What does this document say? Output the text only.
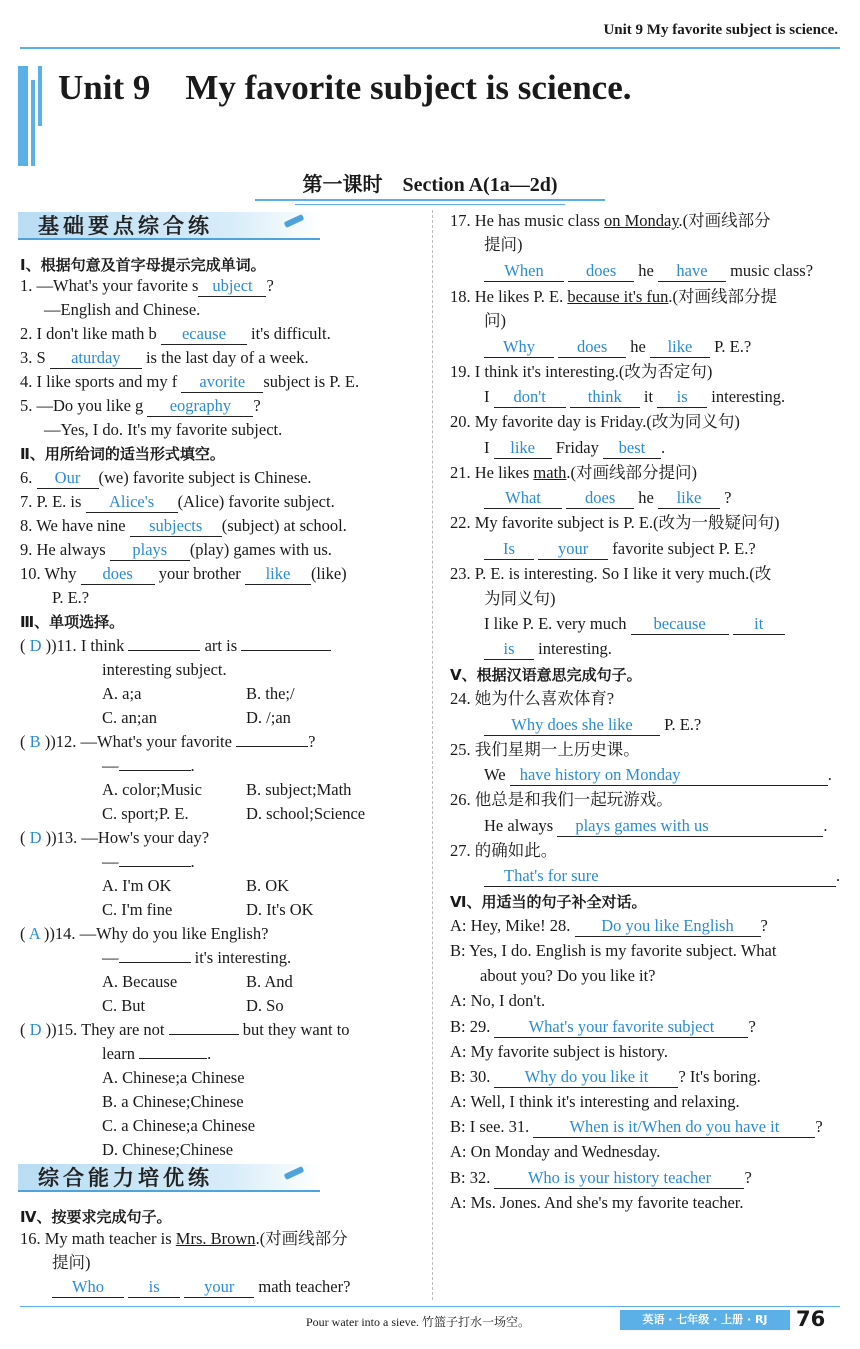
Unit 9 My favorite subject is science.
Unit 9    My favorite subject is science.
第一课时    Section A(1a—2d)
基础要点综合练
Ⅰ、根据句意及首字母提示完成单词。
1. —What's your favorite s ubject ?
—English and Chinese.
2. I don't like math b ecause it's difficult.
3. S aturday is the last day of a week.
4. I like sports and my f avorite subject is P. E.
5. —Do you like g eography ?
—Yes, I do. It's my favorite subject.
Ⅱ、用所给词的适当形式填空。
6. Our (we) favorite subject is Chinese.
7. P. E. is Alice's (Alice) favorite subject.
8. We have nine subjects (subject) at school.
9. He always plays (play) games with us.
10. Why does your brother like (like)
P. E.?
Ⅲ、单项选择。
( D ))11. I think	art is
interesting subject.
A. a;a	B. the;/
C. an;an	D. /;an
( B ))12. —What's your favorite	?
—	.
A. color;Music	B. subject;Math
C. sport;P. E.	D. school;Science
( D ))13. —How's your day?
—	.
A. I'm OK	B. OK
C. I'm fine	D. It's OK
( A ))14. —Why do you like English?
—	it's interesting.
A. Because	B. And
C. But	D. So
( D ))15. They are not	but they want to
learn	.
A. Chinese;a Chinese
B. a Chinese;Chinese
C. a Chinese;a Chinese
D. Chinese;Chinese
综合能力培优练
Ⅳ、按要求完成句子。
16. My math teacher is Mrs. Brown.(对画线部分
提问)
Who	is	your math teacher?
17. He has music class on Monday.(对画线部分
提问)
When	does he have music class?
18. He likes P. E. because it's fun.(对画线部分提
问)
Why	does he like P. E.?
19. I think it's interesting.(改为否定句)
I don't	think it is interesting.
20. My favorite day is Friday.(改为同义句)
I like Friday best .
21. He likes math.(对画线部分提问)
What	does he like ?
22. My favorite subject is P. E.(改为一般疑问句)
Is	your favorite subject P. E.?
23. P. E. is interesting. So I like it very much.(改
为同义句)
I like P. E. very much because	it
is interesting.
Ⅴ、根据汉语意思完成句子。
24. 她为什么喜欢体育?
Why does she like P. E.?
25. 我们星期一上历史课。
We have history on Monday	.
26. 他总是和我们一起玩游戏。
He always plays games with us	.
27. 的确如此。
That's for sure	.
Ⅵ、用适当的句子补全对话。
A: Hey, Mike! 28. Do you like English ?
B: Yes, I do. English is my favorite subject. What
about you? Do you like it?
A: No, I don't.
B: 29. What's your favorite subject ?
A: My favorite subject is history.
B: 30. Why do you like it ? It's boring.
A: Well, I think it's interesting and relaxing.
B: I see. 31. When is it/When do you have it ?
A: On Monday and Wednesday.
B: 32. Who is your history teacher ?
A: Ms. Jones. And she's my favorite teacher.
Pour water into a sieve. 竹篮子打水一场空。	英语 · 七年级 · 上册 · RJ	76
